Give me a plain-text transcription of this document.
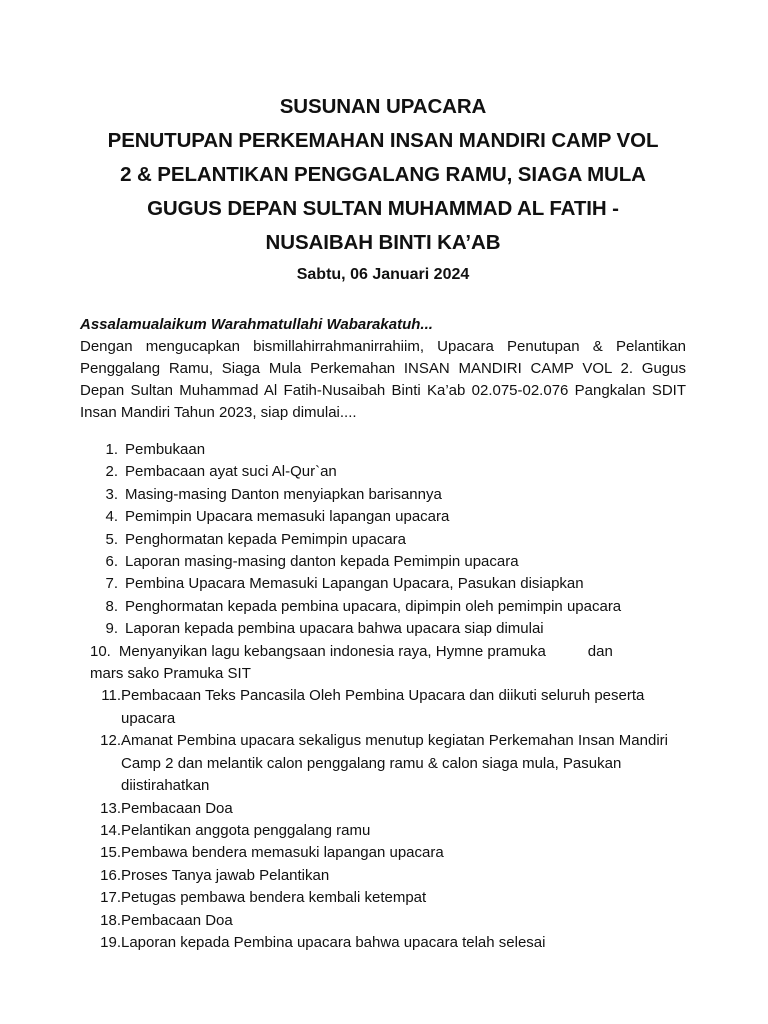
SUSUNAN UPACARA
PENUTUPAN PERKEMAHAN INSAN MANDIRI CAMP VOL
2 & PELANTIKAN PENGGALANG RAMU, SIAGA MULA
GUGUS DEPAN SULTAN MUHAMMAD AL FATIH -
NUSAIBAH BINTI KA’AB
Sabtu, 06 Januari 2024
Assalamualaikum Warahmatullahi Wabarakatuh...
Dengan mengucapkan bismillahirrahmanirrahiim, Upacara Penutupan & Pelantikan Penggalang Ramu, Siaga Mula Perkemahan INSAN MANDIRI CAMP VOL 2. Gugus Depan Sultan Muhammad Al Fatih-Nusaibah Binti Ka’ab 02.075-02.076 Pangkalan SDIT Insan Mandiri Tahun 2023, siap dimulai....
1. Pembukaan
2. Pembacaan ayat suci Al-Qur`an
3. Masing-masing Danton menyiapkan barisannya
4. Pemimpin Upacara memasuki lapangan upacara
5. Penghormatan kepada Pemimpin upacara
6. Laporan masing-masing danton kepada Pemimpin upacara
7. Pembina Upacara Memasuki Lapangan Upacara, Pasukan disiapkan
8. Penghormatan kepada pembina upacara, dipimpin oleh pemimpin upacara
9. Laporan kepada pembina upacara bahwa upacara siap dimulai
10. Menyanyikan lagu kebangsaan indonesia raya, Hymne pramuka	dan
mars sako Pramuka SIT
11. Pembacaan Teks Pancasila Oleh Pembina Upacara dan diikuti seluruh peserta upacara
12. Amanat Pembina upacara sekaligus menutup kegiatan Perkemahan Insan Mandiri Camp 2 dan melantik calon penggalang ramu & calon siaga mula, Pasukan diistirahatkan
13. Pembacaan Doa
14. Pelantikan anggota penggalang ramu
15. Pembawa bendera memasuki lapangan upacara
16. Proses Tanya jawab Pelantikan
17. Petugas pembawa bendera kembali ketempat
18. Pembacaan Doa
19. Laporan kepada Pembina upacara bahwa upacara telah selesai
